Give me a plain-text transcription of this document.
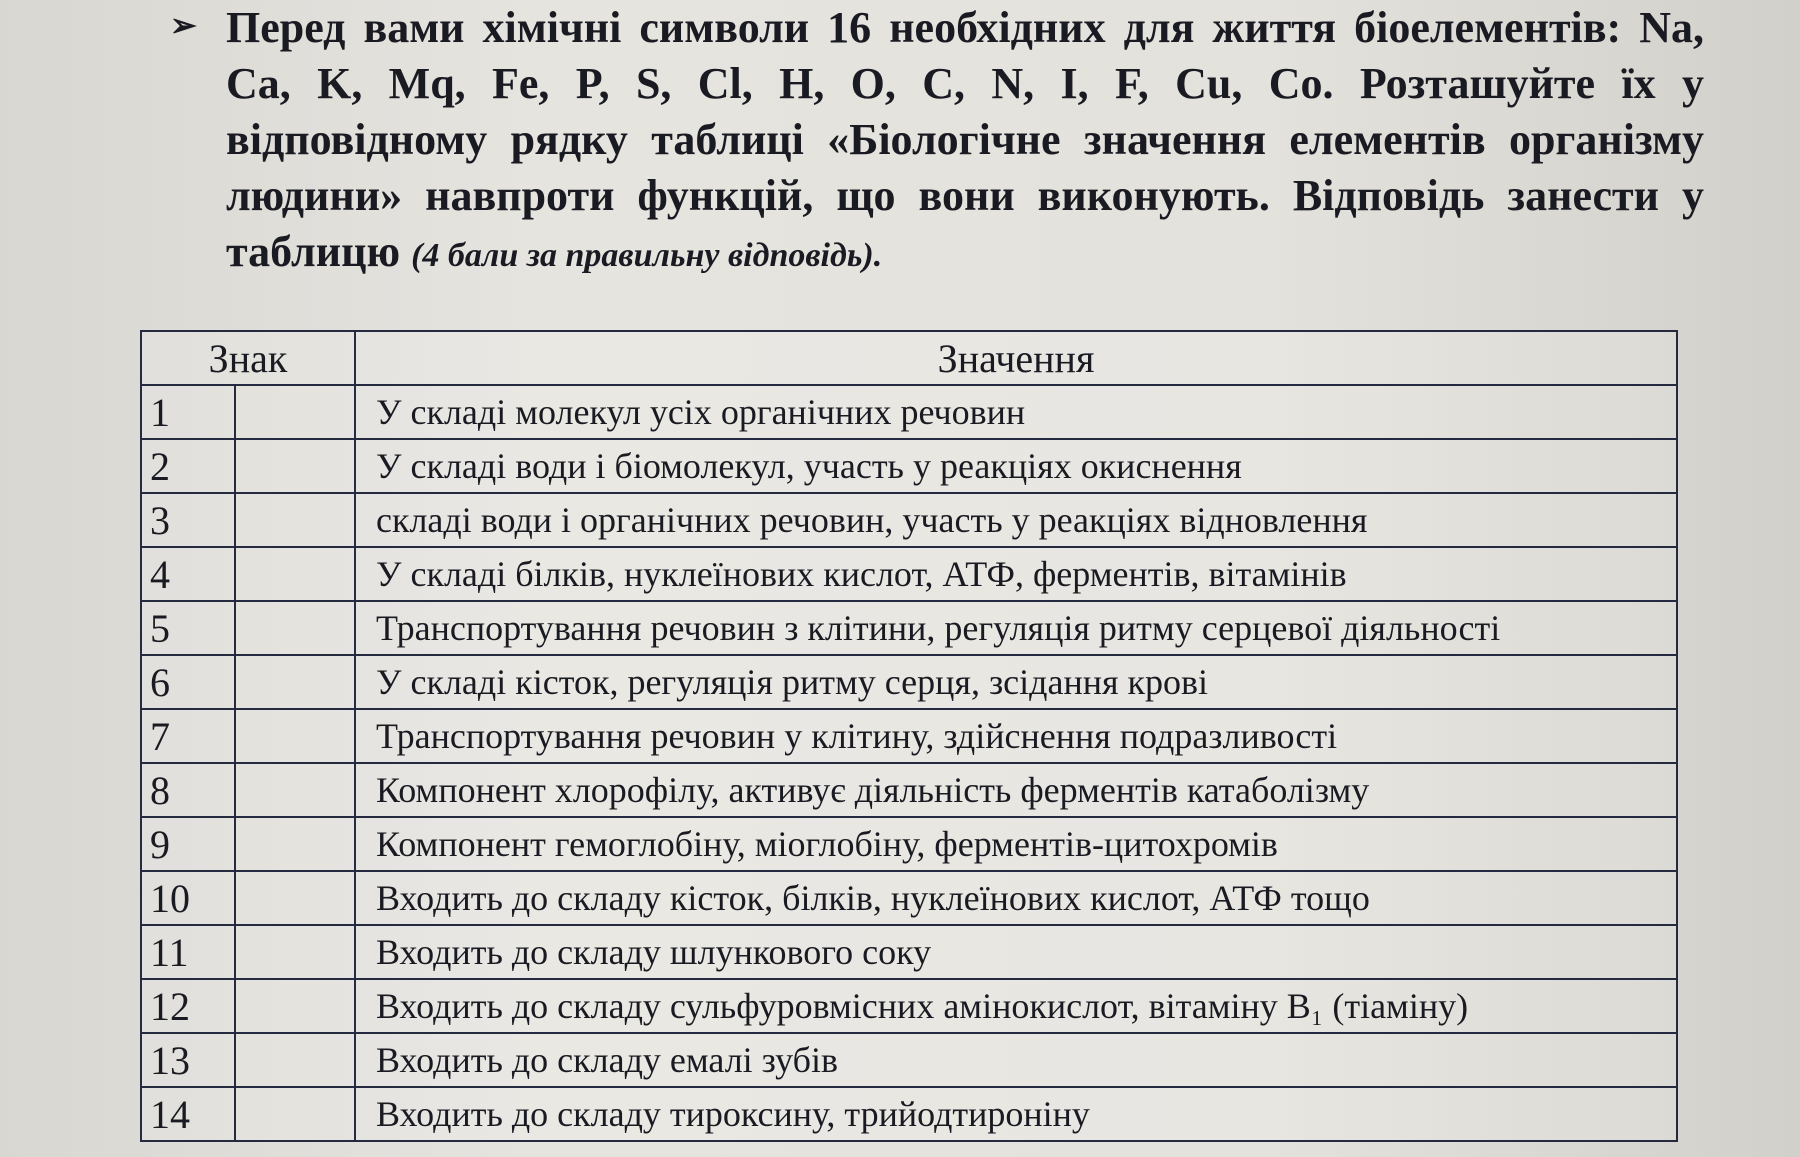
➢ Перед вами хімічні символи 16 необхідних для життя біоелементів: Na,
Ca, K, Mq, Fe, P, S, Cl, H, O, C, N, I, F, Cu, Co. Розташуйте їх у
відповідному рядку таблиці «Біологічне значення елементів організму
людини» навпроти функцій, що вони виконують. Відповідь занести у
таблицю (4 бали за правильну відповідь).
Знак		Значення
1		У складі молекул усіх органічних речовин
2		У складі води і біомолекул, участь у реакціях окиснення
3		складі води і органічних речовин, участь у реакціях відновлення
4		У складі білків, нуклеїнових кислот, АТФ, ферментів, вітамінів
5		Транспортування речовин з клітини, регуляція ритму серцевої діяльності
6		У складі кісток, регуляція ритму серця, зсідання крові
7		Транспортування речовин у клітину, здійснення подразливості
8		Компонент хлорофілу, активує діяльність ферментів катаболізму
9		Компонент гемоглобіну, міоглобіну, ферментів-цитохромів
10		Входить до складу кісток, білків, нуклеїнових кислот, АТФ тощо
11		Входить до складу шлункового соку
12		Входить до складу сульфуровмісних амінокислот, вітаміну В₁ (тіаміну)
13		Входить до складу емалі зубів
14		Входить до складу тироксину, трийодтироніну
